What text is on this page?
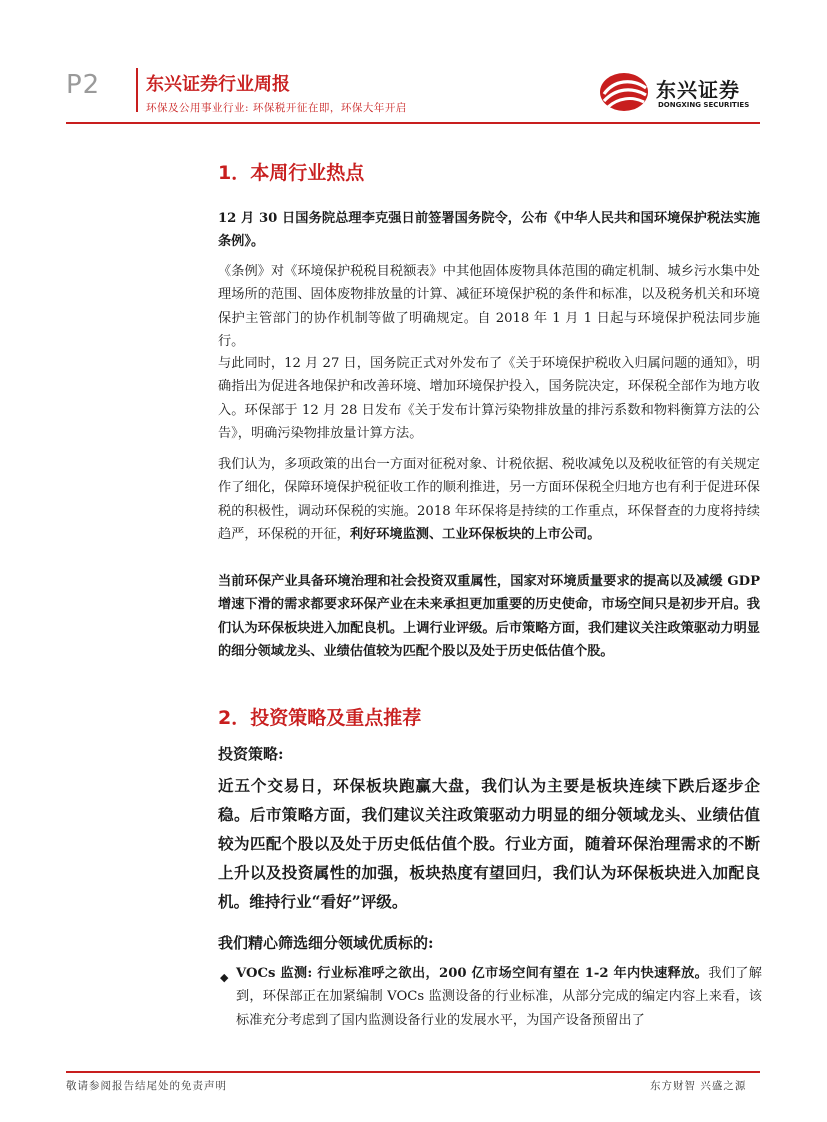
P2	东兴证券行业周报
环保及公用事业行业: 环保税开征在即，环保大年开启
东兴证券
DONGXING SECURITIES
1．本周行业热点

12 月 30 日国务院总理李克强日前签署国务院令，公布《中华人民共和国环境保护税法实施条例》。

《条例》对《环境保护税税目税额表》中其他固体废物具体范围的确定机制、城乡污水集中处理场所的范围、固体废物排放量的计算、减征环境保护税的条件和标准，以及税务机关和环境保护主管部门的协作机制等做了明确规定。自 2018 年 1 月 1 日起与环境保护税法同步施行。

与此同时，12 月 27 日，国务院正式对外发布了《关于环境保护税收入归属问题的通知》，明确指出为促进各地保护和改善环境、增加环境保护投入，国务院决定，环保税全部作为地方收入。环保部于 12 月 28 日发布《关于发布计算污染物排放量的排污系数和物料衡算方法的公告》，明确污染物排放量计算方法。

我们认为，多项政策的出台一方面对征税对象、计税依据、税收减免以及税收征管的有关规定作了细化，保障环境保护税征收工作的顺利推进，另一方面环保税全归地方也有利于促进环保税的积极性，调动环保税的实施。2018 年环保将是持续的工作重点，环保督查的力度将持续趋严，环保税的开征，利好环境监测、工业环保板块的上市公司。

当前环保产业具备环境治理和社会投资双重属性，国家对环境质量要求的提高以及减缓 GDP 增速下滑的需求都要求环保产业在未来承担更加重要的历史使命，市场空间只是初步开启。我们认为环保板块进入加配良机。上调行业评级。后市策略方面，我们建议关注政策驱动力明显的细分领域龙头、业绩估值较为匹配个股以及处于历史低估值个股。

2．投资策略及重点推荐
投资策略:

近五个交易日，环保板块跑赢大盘，我们认为主要是板块连续下跌后逐步企稳。后市策略方面，我们建议关注政策驱动力明显的细分领域龙头、业绩估值较为匹配个股以及处于历史低估值个股。行业方面，随着环保治理需求的不断上升以及投资属性的加强，板块热度有望回归，我们认为环保板块进入加配良机。维持行业“看好”评级。

我们精心筛选细分领域优质标的:
◆ VOCs 监测: 行业标准呼之欲出，200 亿市场空间有望在 1-2 年内快速释放。我们了解到，环保部正在加紧编制 VOCs 监测设备的行业标准，从部分完成的编定内容上来看，该标准充分考虑到了国内监测设备行业的发展水平，为国产设备预留出了

敬请参阅报告结尾处的免责声明	东方财智 兴盛之源
